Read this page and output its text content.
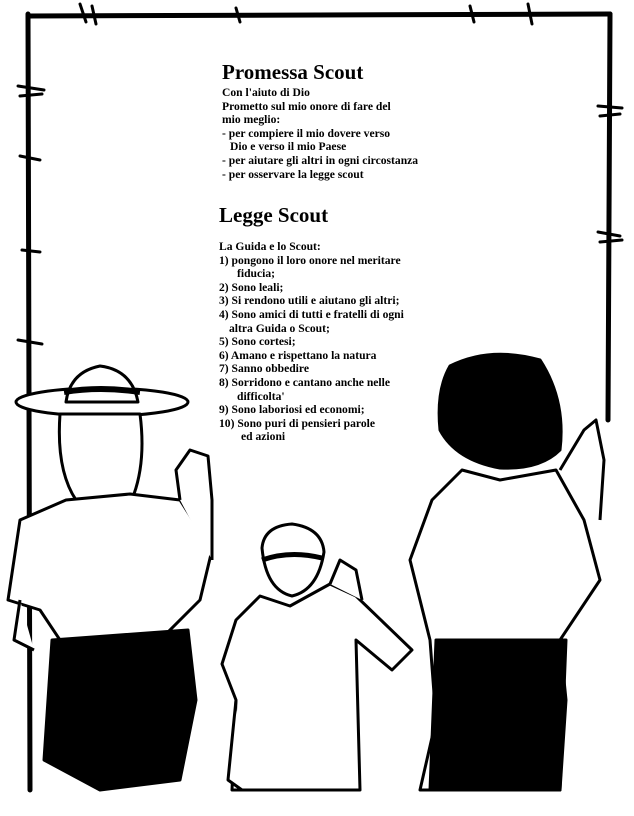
Promessa Scout
Con l'aiuto di Dio
Prometto sul mio onore di fare del
mio meglio:
- per compiere il mio dovere verso
Dio e verso il mio Paese
- per aiutare gli altri in ogni circostanza
- per osservare la legge scout
Legge Scout
La Guida e lo Scout:
1) pongono il loro onore nel meritare
fiducia;
2) Sono leali;
3) Si rendono utili e aiutano gli altri;
4) Sono amici di tutti e fratelli di ogni
altra Guida o Scout;
5) Sono cortesi;
6) Amano e rispettano la natura
7) Sanno obbedire
8) Sorridono e cantano anche nelle
difficolta'
9) Sono laboriosi ed economi;
10) Sono puri di pensieri parole
ed azioni
